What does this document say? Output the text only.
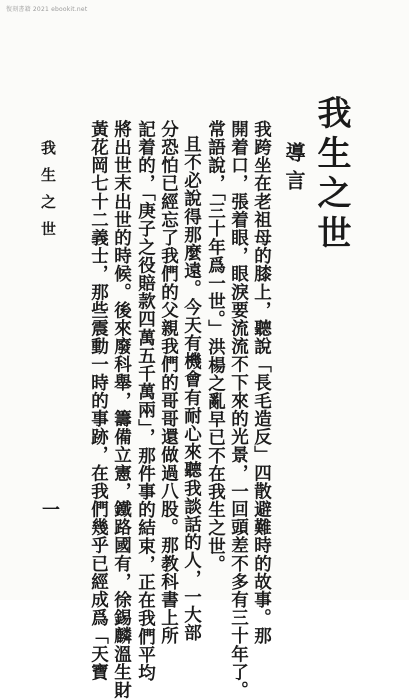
復刻書籍 2021 ebookit.net
我生之世
導言
我跨坐在老祖母的膝上，聽說「長毛造反」四散避難時的故事。那
開着口，張着眼，眼淚要流流不下來的光景，一回頭差不多有三十年了。
常語說，「三十年爲一世。」洪楊之亂早已不在我生之世。
且不必說得那麼遠。今天有機會有耐心來聽我談話的人，一大部
分恐怕已經忘了我們的父親我們的哥哥還做過八股。那教科書上所
記着的，「庚子之役賠款四萬五千萬兩」，那件事的結束，正在我們平均
將出世末出世的時候。後來廢科舉，籌備立憲，鐵路國有，徐錫麟溫生財
黃花岡七十二義士，那些震動一時的事跡，在我們幾乎已經成爲「天寶
我生之世
一
